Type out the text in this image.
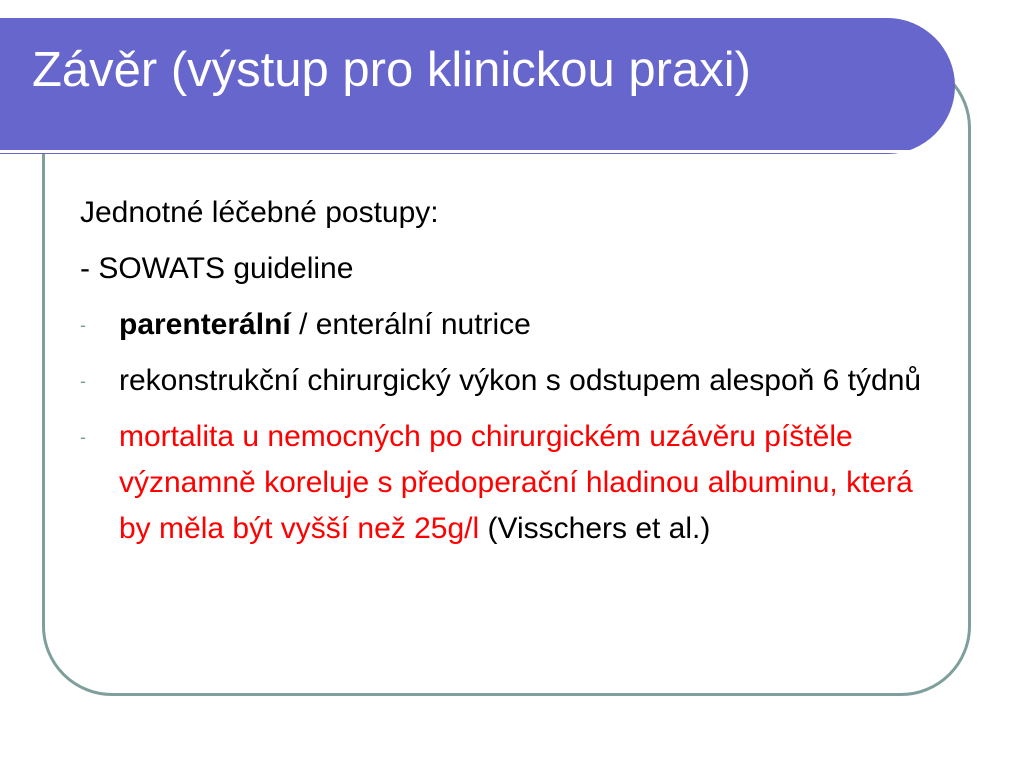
Závěr (výstup pro klinickou praxi)

Jednotné léčebné postupy:

- SOWATS guideline

-	parenterální / enterální nutrice
-	rekonstrukční chirurgický výkon s odstupem alespoň 6 týdnů
-	mortalita u nemocných po chirurgickém uzávěru píštěle významně koreluje s předoperační hladinou albuminu, která by měla být vyšší než 25g/l (Visschers et al.)
